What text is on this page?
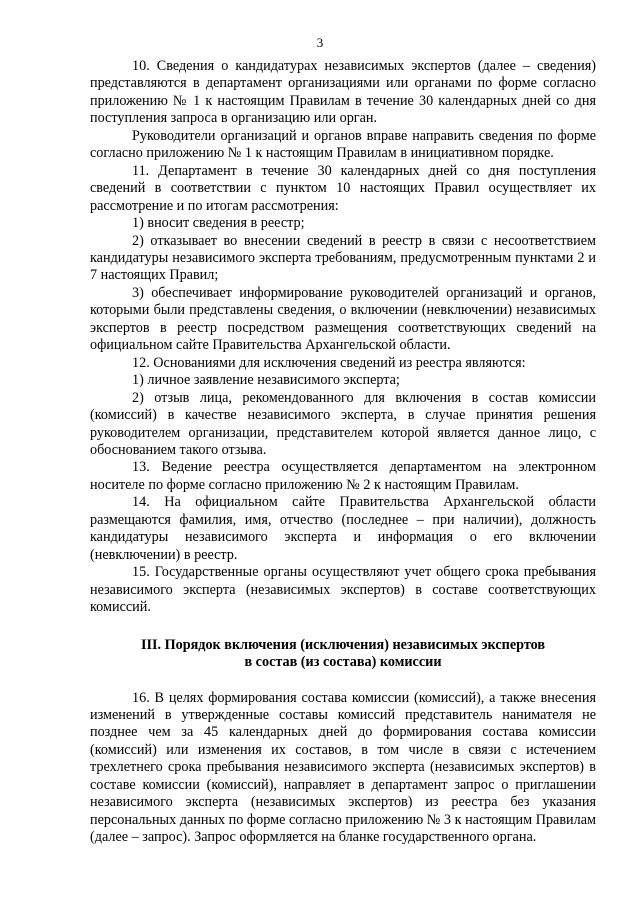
3

10. Сведения о кандидатурах независимых экспертов (далее – сведения) представляются в департамент организациями или органами по форме согласно приложению № 1 к настоящим Правилам в течение 30 календарных дней со дня поступления запроса в организацию или орган.

Руководители организаций и органов вправе направить сведения по форме согласно приложению № 1 к настоящим Правилам в инициативном порядке.

11. Департамент в течение 30 календарных дней со дня поступления сведений в соответствии с пунктом 10 настоящих Правил осуществляет их рассмотрение и по итогам рассмотрения:

1) вносит сведения в реестр;

2) отказывает во внесении сведений в реестр в связи с несоответствием кандидатуры независимого эксперта требованиям, предусмотренным пунктами 2 и 7 настоящих Правил;

3) обеспечивает информирование руководителей организаций и органов, которыми были представлены сведения, о включении (невключении) независимых экспертов в реестр посредством размещения соответствующих сведений на официальном сайте Правительства Архангельской области.

12. Основаниями для исключения сведений из реестра являются:

1) личное заявление независимого эксперта;

2) отзыв лица, рекомендованного для включения в состав комиссии (комиссий) в качестве независимого эксперта, в случае принятия решения руководителем организации, представителем которой является данное лицо, с обоснованием такого отзыва.

13. Ведение реестра осуществляется департаментом на электронном носителе по форме согласно приложению № 2 к настоящим Правилам.

14. На официальном сайте Правительства Архангельской области размещаются фамилия, имя, отчество (последнее – при наличии), должность кандидатуры независимого эксперта и информация о его включении (невключении) в реестр.

15. Государственные органы осуществляют учет общего срока пребывания независимого эксперта (независимых экспертов) в составе соответствующих комиссий.

III. Порядок включения (исключения) независимых экспертов
в состав (из состава) комиссии

16. В целях формирования состава комиссии (комиссий), а также внесения изменений в утвержденные составы комиссий представитель нанимателя не позднее чем за 45 календарных дней до формирования состава комиссии (комиссий) или изменения их составов, в том числе в связи с истечением трехлетнего срока пребывания независимого эксперта (независимых экспертов) в составе комиссии (комиссий), направляет в департамент запрос о приглашении независимого эксперта (независимых экспертов) из реестра без указания персональных данных по форме согласно приложению № 3 к настоящим Правилам (далее – запрос). Запрос оформляется на бланке государственного органа.
